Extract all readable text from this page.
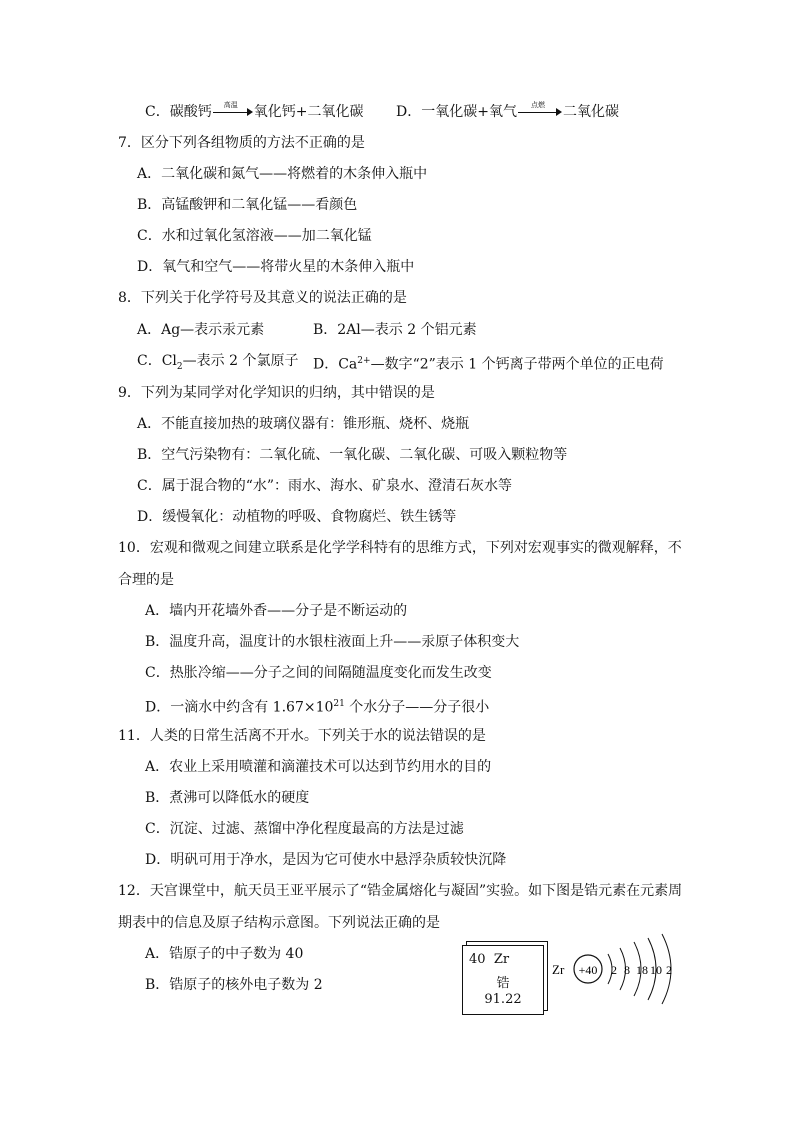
C．碳酸钙	高温	氧化钙+二氧化碳 D．一氧化碳+氧气	点燃	二氧化碳
7．区分下列各组物质的方法不正确的是
A．二氧化碳和氮气——将燃着的木条伸入瓶中
B．高锰酸钾和二氧化锰——看颜色
C．水和过氧化氢溶液——加二氧化锰
D．氧气和空气——将带火星的木条伸入瓶中
8．下列关于化学符号及其意义的说法正确的是
A．Ag—表示汞元素	B．2Al—表示 2 个铝元素
C．$Cl_2—$表示 2 个氯原子 D．$Ca^{2+}—$数字“2”表示 1 个钙离子带两个单位的正电荷
9．下列为某同学对化学知识的归纳，其中错误的是
A．不能直接加热的玻璃仪器有：锥形瓶、烧杯、烧瓶
B．空气污染物有：二氧化硫、一氧化碳、二氧化碳、可吸入颗粒物等
C．属于混合物的“水”：雨水、海水、矿泉水、澄清石灰水等
D．缓慢氧化：动植物的呼吸、食物腐烂、铁生锈等
10．宏观和微观之间建立联系是化学学科特有的思维方式，下列对宏观事实的微观解释，不
合理的是
A．墙内开花墙外香——分子是不断运动的
B．温度升高，温度计的水银柱液面上升——汞原子体积变大
C．热胀冷缩——分子之间的间隔随温度变化而发生改变
D．一滴水中约含有 $1.67\times 10^{21}$ 个水分子——分子很小
11．人类的日常生活离不开水。下列关于水的说法错误的是
A．农业上采用喷灌和滴灌技术可以达到节约用水的目的
B．煮沸可以降低水的硬度
C．沉淀、过滤、蒸馏中净化程度最高的方法是过滤
D．明矾可用于净水，是因为它可使水中悬浮杂质较快沉降
12．天宫课堂中，航天员王亚平展示了“锆金属熔化与凝固”实验。如下图是锆元素在元素周
期表中的信息及原子结构示意图。下列说法正确的是
A．锆原子的中子数为 40
B．锆原子的核外电子数为 2
40 Zr
锆
91.22
Zr +40 2 8 18 10 2
